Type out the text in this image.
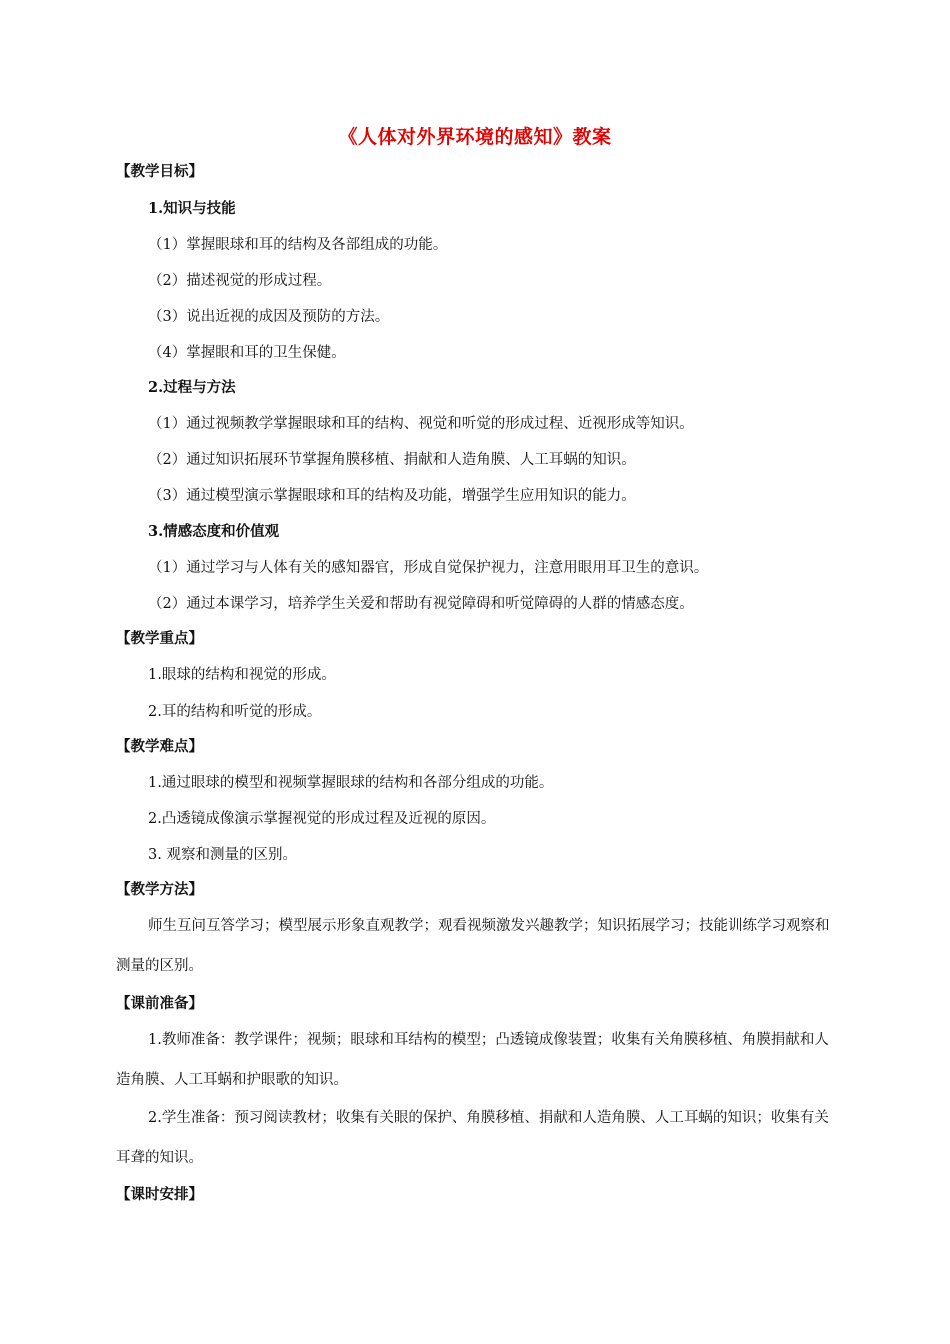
《人体对外界环境的感知》教案

【教学目标】

1.知识与技能

（1）掌握眼球和耳的结构及各部组成的功能。

（2）描述视觉的形成过程。

（3）说出近视的成因及预防的方法。

（4）掌握眼和耳的卫生保健。

2.过程与方法

（1）通过视频教学掌握眼球和耳的结构、视觉和听觉的形成过程、近视形成等知识。

（2）通过知识拓展环节掌握角膜移植、捐献和人造角膜、人工耳蜗的知识。

（3）通过模型演示掌握眼球和耳的结构及功能，增强学生应用知识的能力。

3.情感态度和价值观

（1）通过学习与人体有关的感知器官，形成自觉保护视力，注意用眼用耳卫生的意识。

（2）通过本课学习，培养学生关爱和帮助有视觉障碍和听觉障碍的人群的情感态度。

【教学重点】

1.眼球的结构和视觉的形成。

2.耳的结构和听觉的形成。

【教学难点】

1.通过眼球的模型和视频掌握眼球的结构和各部分组成的功能。

2.凸透镜成像演示掌握视觉的形成过程及近视的原因。

3. 观察和测量的区别。

【教学方法】

师生互问互答学习；模型展示形象直观教学；观看视频激发兴趣教学；知识拓展学习；技能训练学习观察和测量的区别。

【课前准备】

1.教师准备：教学课件；视频；眼球和耳结构的模型；凸透镜成像装置；收集有关角膜移植、角膜捐献和人造角膜、人工耳蜗和护眼歌的知识。

2.学生准备：预习阅读教材；收集有关眼的保护、角膜移植、捐献和人造角膜、人工耳蜗的知识；收集有关耳聋的知识。

【课时安排】
